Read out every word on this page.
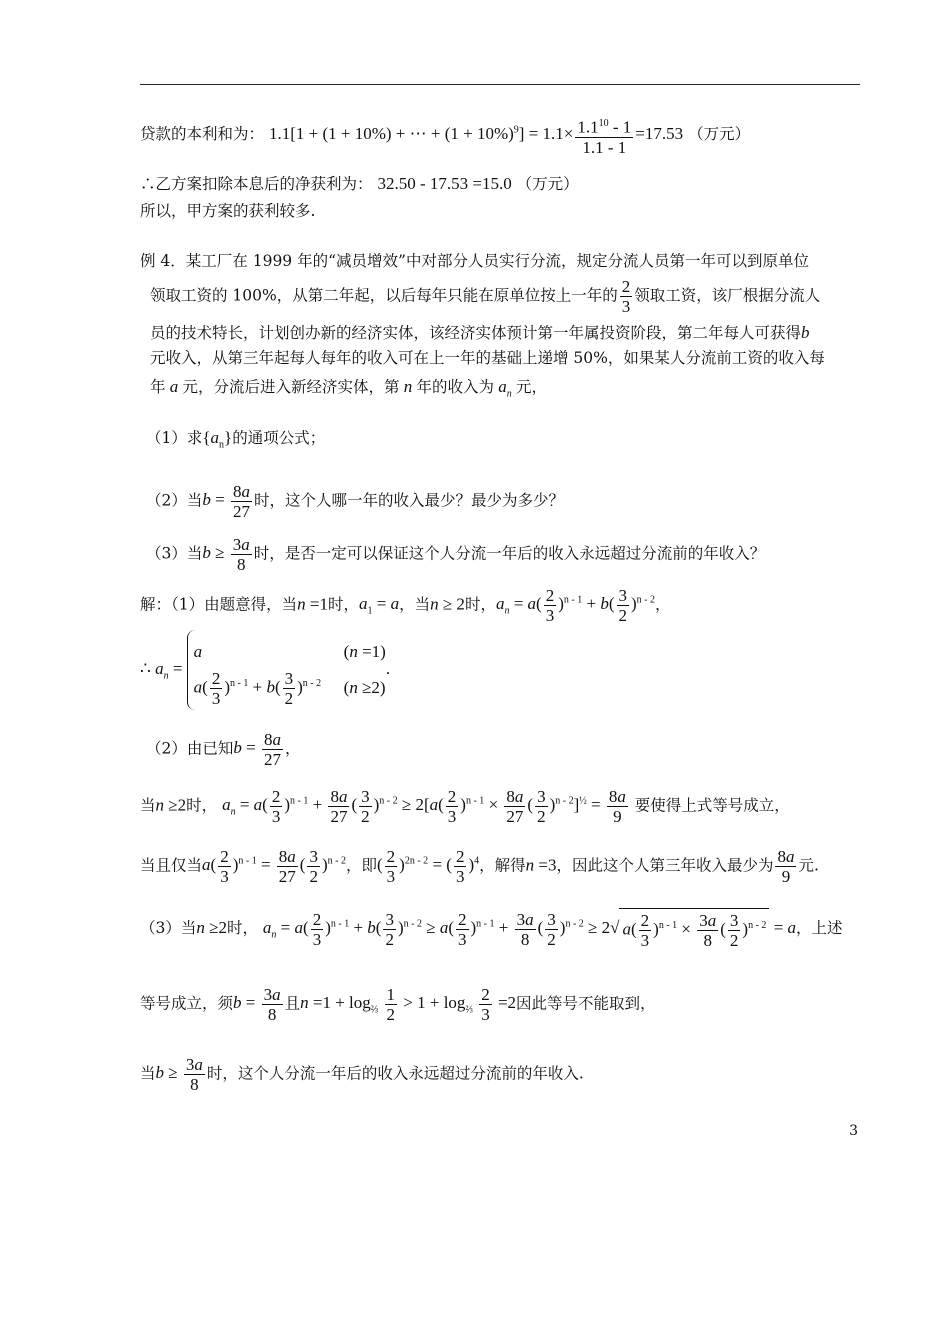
贷款的本利和为： 1.1[1 + (1 + 10%) + ⋯ + $(1 + 10\%)^9] = 1.1\times \frac{1.1^{10} - 1}{1.1 - 1} =17.53$ （万元）
∴乙方案扣除本息后的净获利为： 32.50 - 17.53 =15.0 （万元）
所以，甲方案的获利较多.
例 4．某工厂在 1999 年的“减员增效”中对部分人员实行分流，规定分流人员第一年可以到原单位
领取工资的 100%，从第二年起，以后每年只能在原单位按上一年的 $\frac{2}{3}$ 领取工资，该厂根据分流人
员的技术特长，计划创办新的经济实体，该经济实体预计第一年属投资阶段，第二年每人可获得b
元收入，从第三年起每人每年的收入可在上一年的基础上递增 50%，如果某人分流前工资的收入每
年 a 元，分流后进入新经济实体，第 n 年的收入为 $a_n$ 元，
（1）求$\{a_n\}$的通项公式；
（2）当$b = \frac{8a}{27}$ 时，这个人哪一年的收入最少？最少为多少？
（3）当$b \ge \frac{3a}{8}$ 时，是否一定可以保证这个人分流一年后的收入永远超过分流前的年收入？
解：（1）由题意得，当n =1时，$a_1 = a$，当n ≥ 2时，$a_n = a( \frac{2}{3} )^{n - 1} + b( \frac{3}{2} )^{n - 2}$，
∴ $a_n$ =
a	(n =1)
$a( \frac{2}{3} )^{n - 1} + b( \frac{3}{2} )^{n - 2}$	(n ≥2)
.
（2）由已知$b = \frac{8a}{27}$ ，
当n ≥2时， $a_n = a( \frac{2}{3} )^{n - 1} + \frac{8a}{27}$ ( $\frac{3}{2} )^{n - 2} \ge 2[a( \frac{2}{3} )^{n - 1} \times \frac{8a}{27}$ ( $\frac{3}{2} )^{n - 2}]^{\frac{1}{2}} = \frac{8a}{9}$ 要使得上式等号成立，
当且仅当$a( \frac{2}{3} )^{n - 1} = \frac{8a}{27}$ ( $\frac{3}{2} )^{n - 2}$，即( $\frac{2}{3} )^{2n - 2}$ = ( $\frac{2}{3} )^4$，解得n =3，因此这个人第三年收入最少为 $\frac{8a}{9}$ 元.
（3）当n ≥2时， $a_n = a( \frac{2}{3} )^{n - 1} + b( \frac{3}{2} )^{n - 2} \ge a( \frac{2}{3} )^{n - 1} + \frac{3a}{8}$ ( $\frac{3}{2} )^{n - 2} \ge 2√$ $a( \frac{2}{3} )^{n - 1} \times \frac{3a}{8}$ ( $\frac{3}{2} )^{n - 2} = a$，上述
等号成立，须$b = \frac{3a}{8}$ 且$n =1 + \log_{\frac{2}{3}} \frac{1}{2} > 1 + \log_{\frac{2}{3}} \frac{2}{3} =2$因此等号不能取到，
当$b \ge \frac{3a}{8}$ 时，这个人分流一年后的收入永远超过分流前的年收入.
3
